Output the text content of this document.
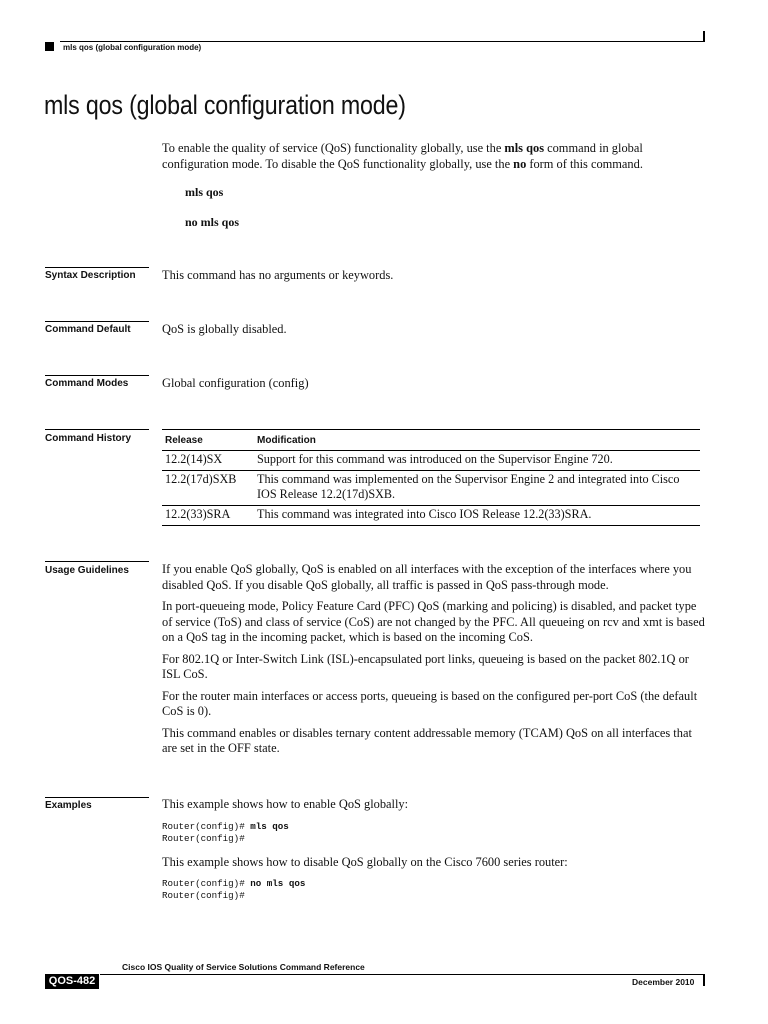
mls qos (global configuration mode)
mls qos (global configuration mode)
To enable the quality of service (QoS) functionality globally, use the mls qos command in global configuration mode. To disable the QoS functionality globally, use the no form of this command.
mls qos
no mls qos
Syntax Description This command has no arguments or keywords.
Command Default	QoS is globally disabled.
Command Modes	Global configuration (config)
Command History	Release	Modification
12.2(14)SX	Support for this command was introduced on the Supervisor Engine 720.
12.2(17d)SXB	This command was implemented on the Supervisor Engine 2 and integrated into Cisco IOS Release 12.2(17d)SXB.
12.2(33)SRA	This command was integrated into Cisco IOS Release 12.2(33)SRA.
Usage Guidelines	If you enable QoS globally, QoS is enabled on all interfaces with the exception of the interfaces where you disabled QoS. If you disable QoS globally, all traffic is passed in QoS pass-through mode.

In port-queueing mode, Policy Feature Card (PFC) QoS (marking and policing) is disabled, and packet type of service (ToS) and class of service (CoS) are not changed by the PFC. All queueing on rcv and xmt is based on a QoS tag in the incoming packet, which is based on the incoming CoS.

For 802.1Q or Inter-Switch Link (ISL)-encapsulated port links, queueing is based on the packet 802.1Q or ISL CoS.

For the router main interfaces or access ports, queueing is based on the configured per-port CoS (the default CoS is 0).

This command enables or disables ternary content addressable memory (TCAM) QoS on all interfaces that are set in the OFF state.

Examples	This example shows how to enable QoS globally:

Router(config)# mls qos
Router(config)#

This example shows how to disable QoS globally on the Cisco 7600 series router:

Router(config)# no mls qos
Router(config)#
Cisco IOS Quality of Service Solutions Command Reference
QOS-482	December 2010
